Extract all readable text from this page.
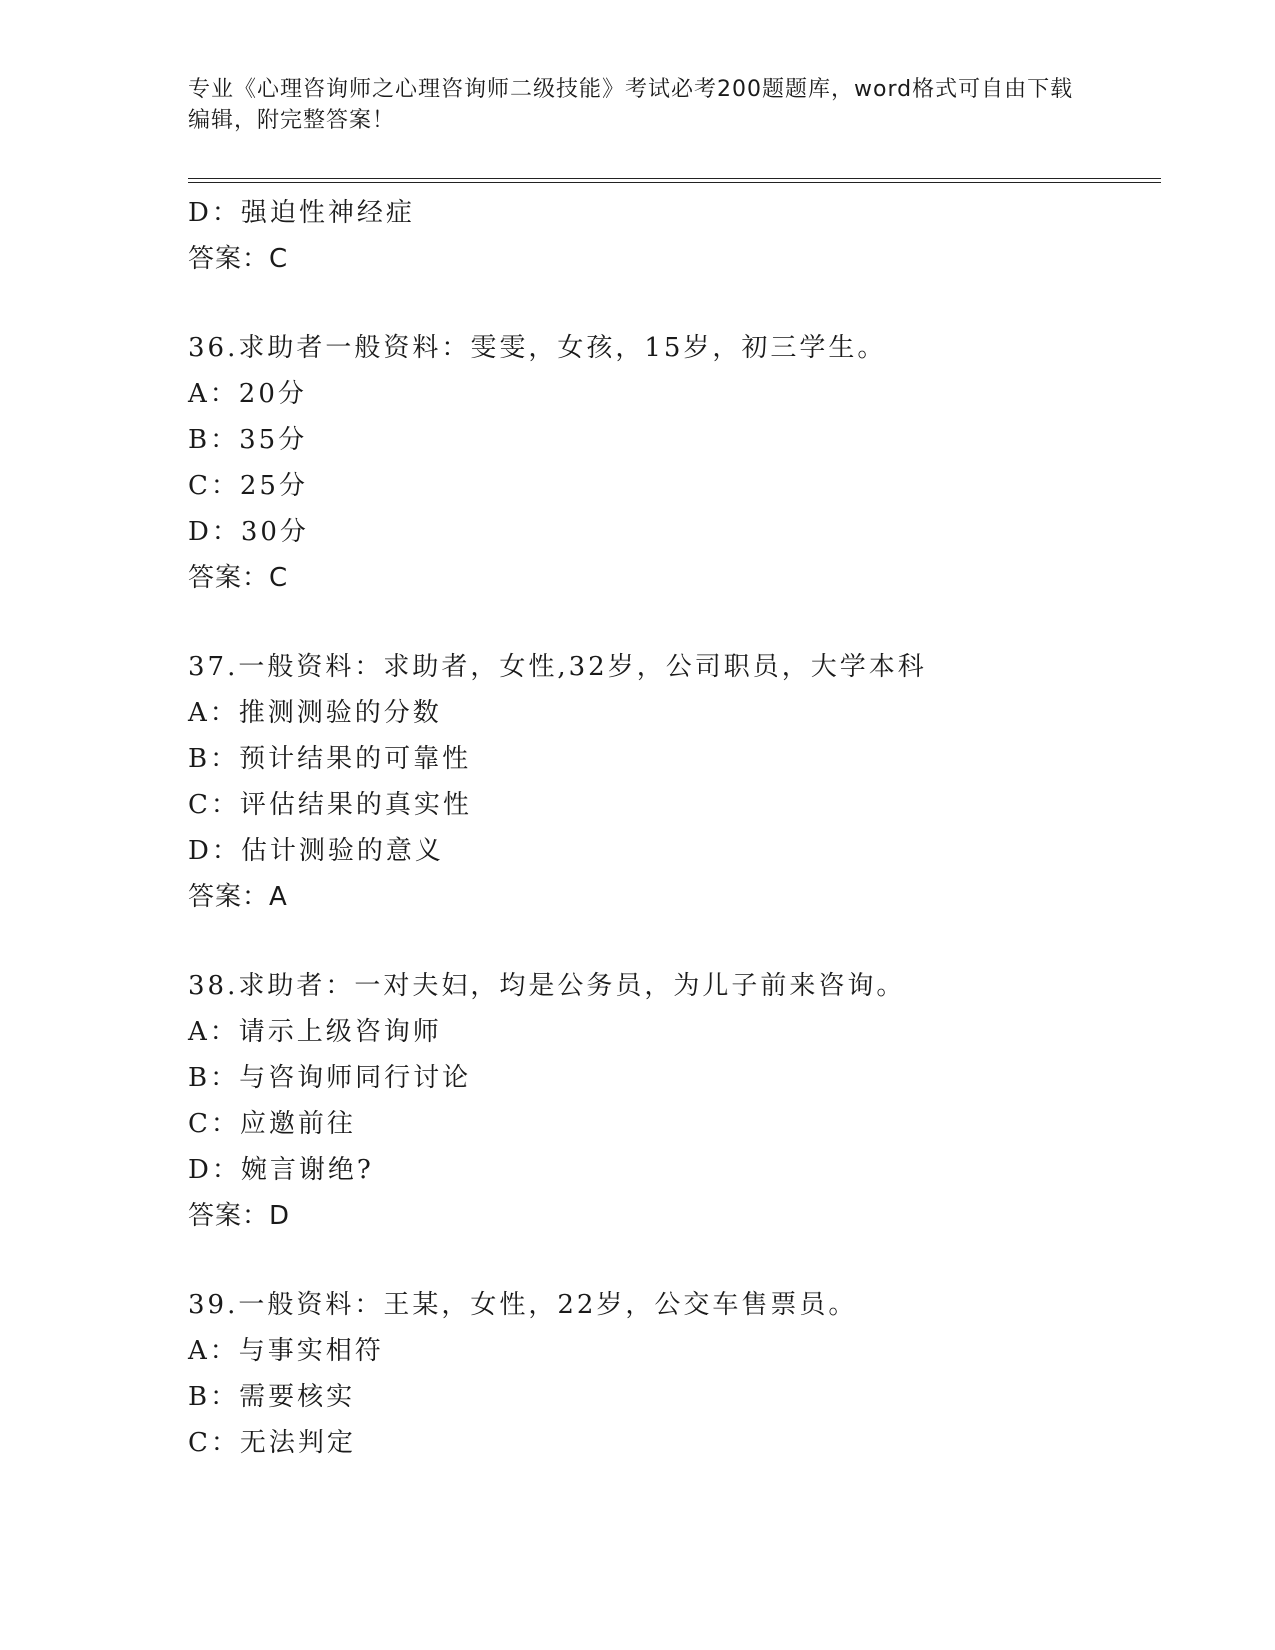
专业《心理咨询师之心理咨询师二级技能》考试必考200题题库，word格式可自由下载编辑，附完整答案！
D：强迫性神经症
答案：C
36.求助者一般资料：雯雯，女孩，15岁，初三学生。
A：20分
B：35分
C：25分
D：30分
答案：C
37.一般资料：求助者，女性,32岁，公司职员，大学本科
A：推测测验的分数
B：预计结果的可靠性
C：评估结果的真实性
D：估计测验的意义
答案：A
38.求助者：一对夫妇，均是公务员，为儿子前来咨询。
A：请示上级咨询师
B：与咨询师同行讨论
C：应邀前往
D：婉言谢绝?
答案：D
39.一般资料：王某，女性，22岁，公交车售票员。
A：与事实相符
B：需要核实
C：无法判定
